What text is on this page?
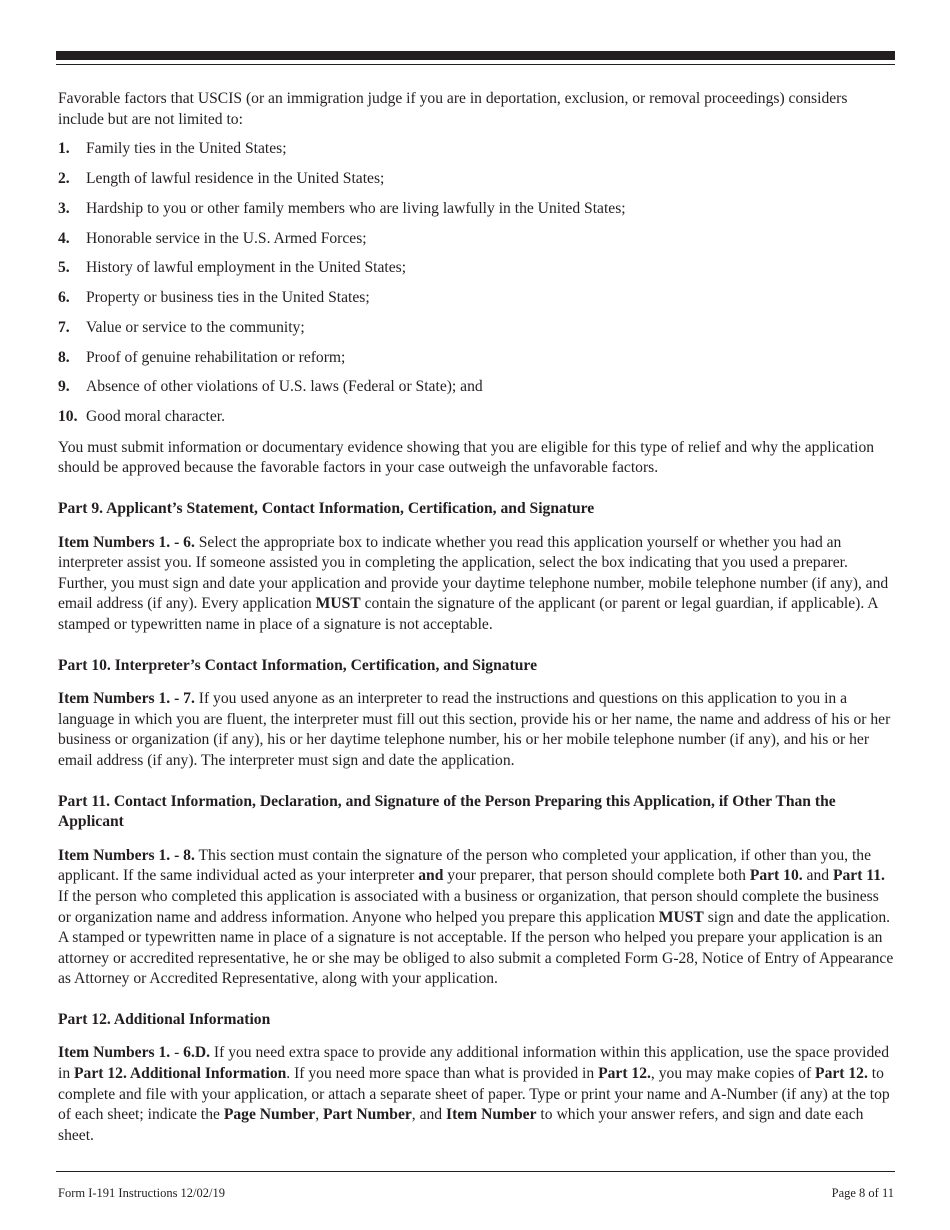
Favorable factors that USCIS (or an immigration judge if you are in deportation, exclusion, or removal proceedings) considers include but are not limited to:

1.	Family ties in the United States;
2.	Length of lawful residence in the United States;
3.	Hardship to you or other family members who are living lawfully in the United States;
4.	Honorable service in the U.S. Armed Forces;
5.	History of lawful employment in the United States;
6.	Property or business ties in the United States;
7.	Value or service to the community;
8.	Proof of genuine rehabilitation or reform;
9.	Absence of other violations of U.S. laws (Federal or State); and
10. Good moral character.

You must submit information or documentary evidence showing that you are eligible for this type of relief and why the application should be approved because the favorable factors in your case outweigh the unfavorable factors.

Part 9. Applicant’s Statement, Contact Information, Certification, and Signature

Item Numbers 1. - 6. Select the appropriate box to indicate whether you read this application yourself or whether you had an interpreter assist you. If someone assisted you in completing the application, select the box indicating that you used a preparer. Further, you must sign and date your application and provide your daytime telephone number, mobile telephone number (if any), and email address (if any). Every application MUST contain the signature of the applicant (or parent or legal guardian, if applicable). A stamped or typewritten name in place of a signature is not acceptable.

Part 10. Interpreter’s Contact Information, Certification, and Signature

Item Numbers 1. - 7. If you used anyone as an interpreter to read the instructions and questions on this application to you in a language in which you are fluent, the interpreter must fill out this section, provide his or her name, the name and address of his or her business or organization (if any), his or her daytime telephone number, his or her mobile telephone number (if any), and his or her email address (if any). The interpreter must sign and date the application.

Part 11. Contact Information, Declaration, and Signature of the Person Preparing this Application, if Other Than the Applicant

Item Numbers 1. - 8. This section must contain the signature of the person who completed your application, if other than you, the applicant. If the same individual acted as your interpreter and your preparer, that person should complete both Part 10. and Part 11. If the person who completed this application is associated with a business or organization, that person should complete the business or organization name and address information. Anyone who helped you prepare this application MUST sign and date the application. A stamped or typewritten name in place of a signature is not acceptable. If the person who helped you prepare your application is an attorney or accredited representative, he or she may be obliged to also submit a completed Form G-28, Notice of Entry of Appearance as Attorney or Accredited Representative, along with your application.

Part 12. Additional Information

Item Numbers 1. - 6.D. If you need extra space to provide any additional information within this application, use the space provided in Part 12. Additional Information. If you need more space than what is provided in Part 12., you may make copies of Part 12. to complete and file with your application, or attach a separate sheet of paper. Type or print your name and A-Number (if any) at the top of each sheet; indicate the Page Number, Part Number, and Item Number to which your answer refers, and sign and date each sheet.

Form I-191 Instructions 12/02/19	Page 8 of 11
